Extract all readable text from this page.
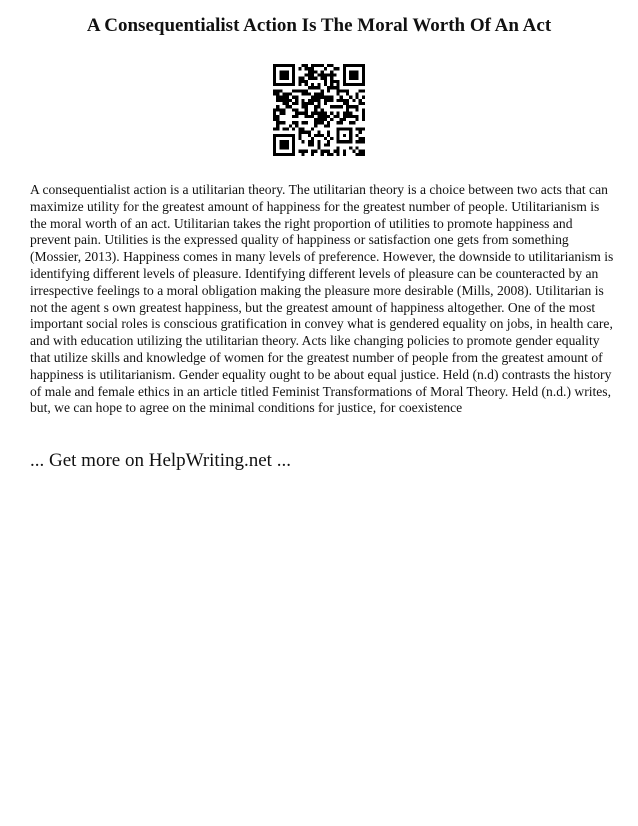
A Consequentialist Action Is The Moral Worth Of An Act

A consequentialist action is a utilitarian theory. The utilitarian theory is a choice between two acts that can maximize utility for the greatest amount of happiness for the greatest number of people. Utilitarianism is the moral worth of an act. Utilitarian takes the right proportion of utilities to promote happiness and prevent pain. Utilities is the expressed quality of happiness or satisfaction one gets from something (Mossier, 2013). Happiness comes in many levels of preference. However, the downside to utilitarianism is identifying different levels of pleasure. Identifying different levels of pleasure can be counteracted by an irrespective feelings to a moral obligation making the pleasure more desirable (Mills, 2008). Utilitarian is not the agent s own greatest happiness, but the greatest amount of happiness altogether. One of the most important social roles is conscious gratification in convey what is gendered equality on jobs, in health care, and with education utilizing the utilitarian theory. Acts like changing policies to promote gender equality that utilize skills and knowledge of women for the greatest number of people from the greatest amount of happiness is utilitarianism. Gender equality ought to be about equal justice. Held (n.d) contrasts the history of male and female ethics in an article titled Feminist Transformations of Moral Theory. Held (n.d.) writes, but, we can hope to agree on the minimal conditions for justice, for coexistence

... Get more on HelpWriting.net ...
